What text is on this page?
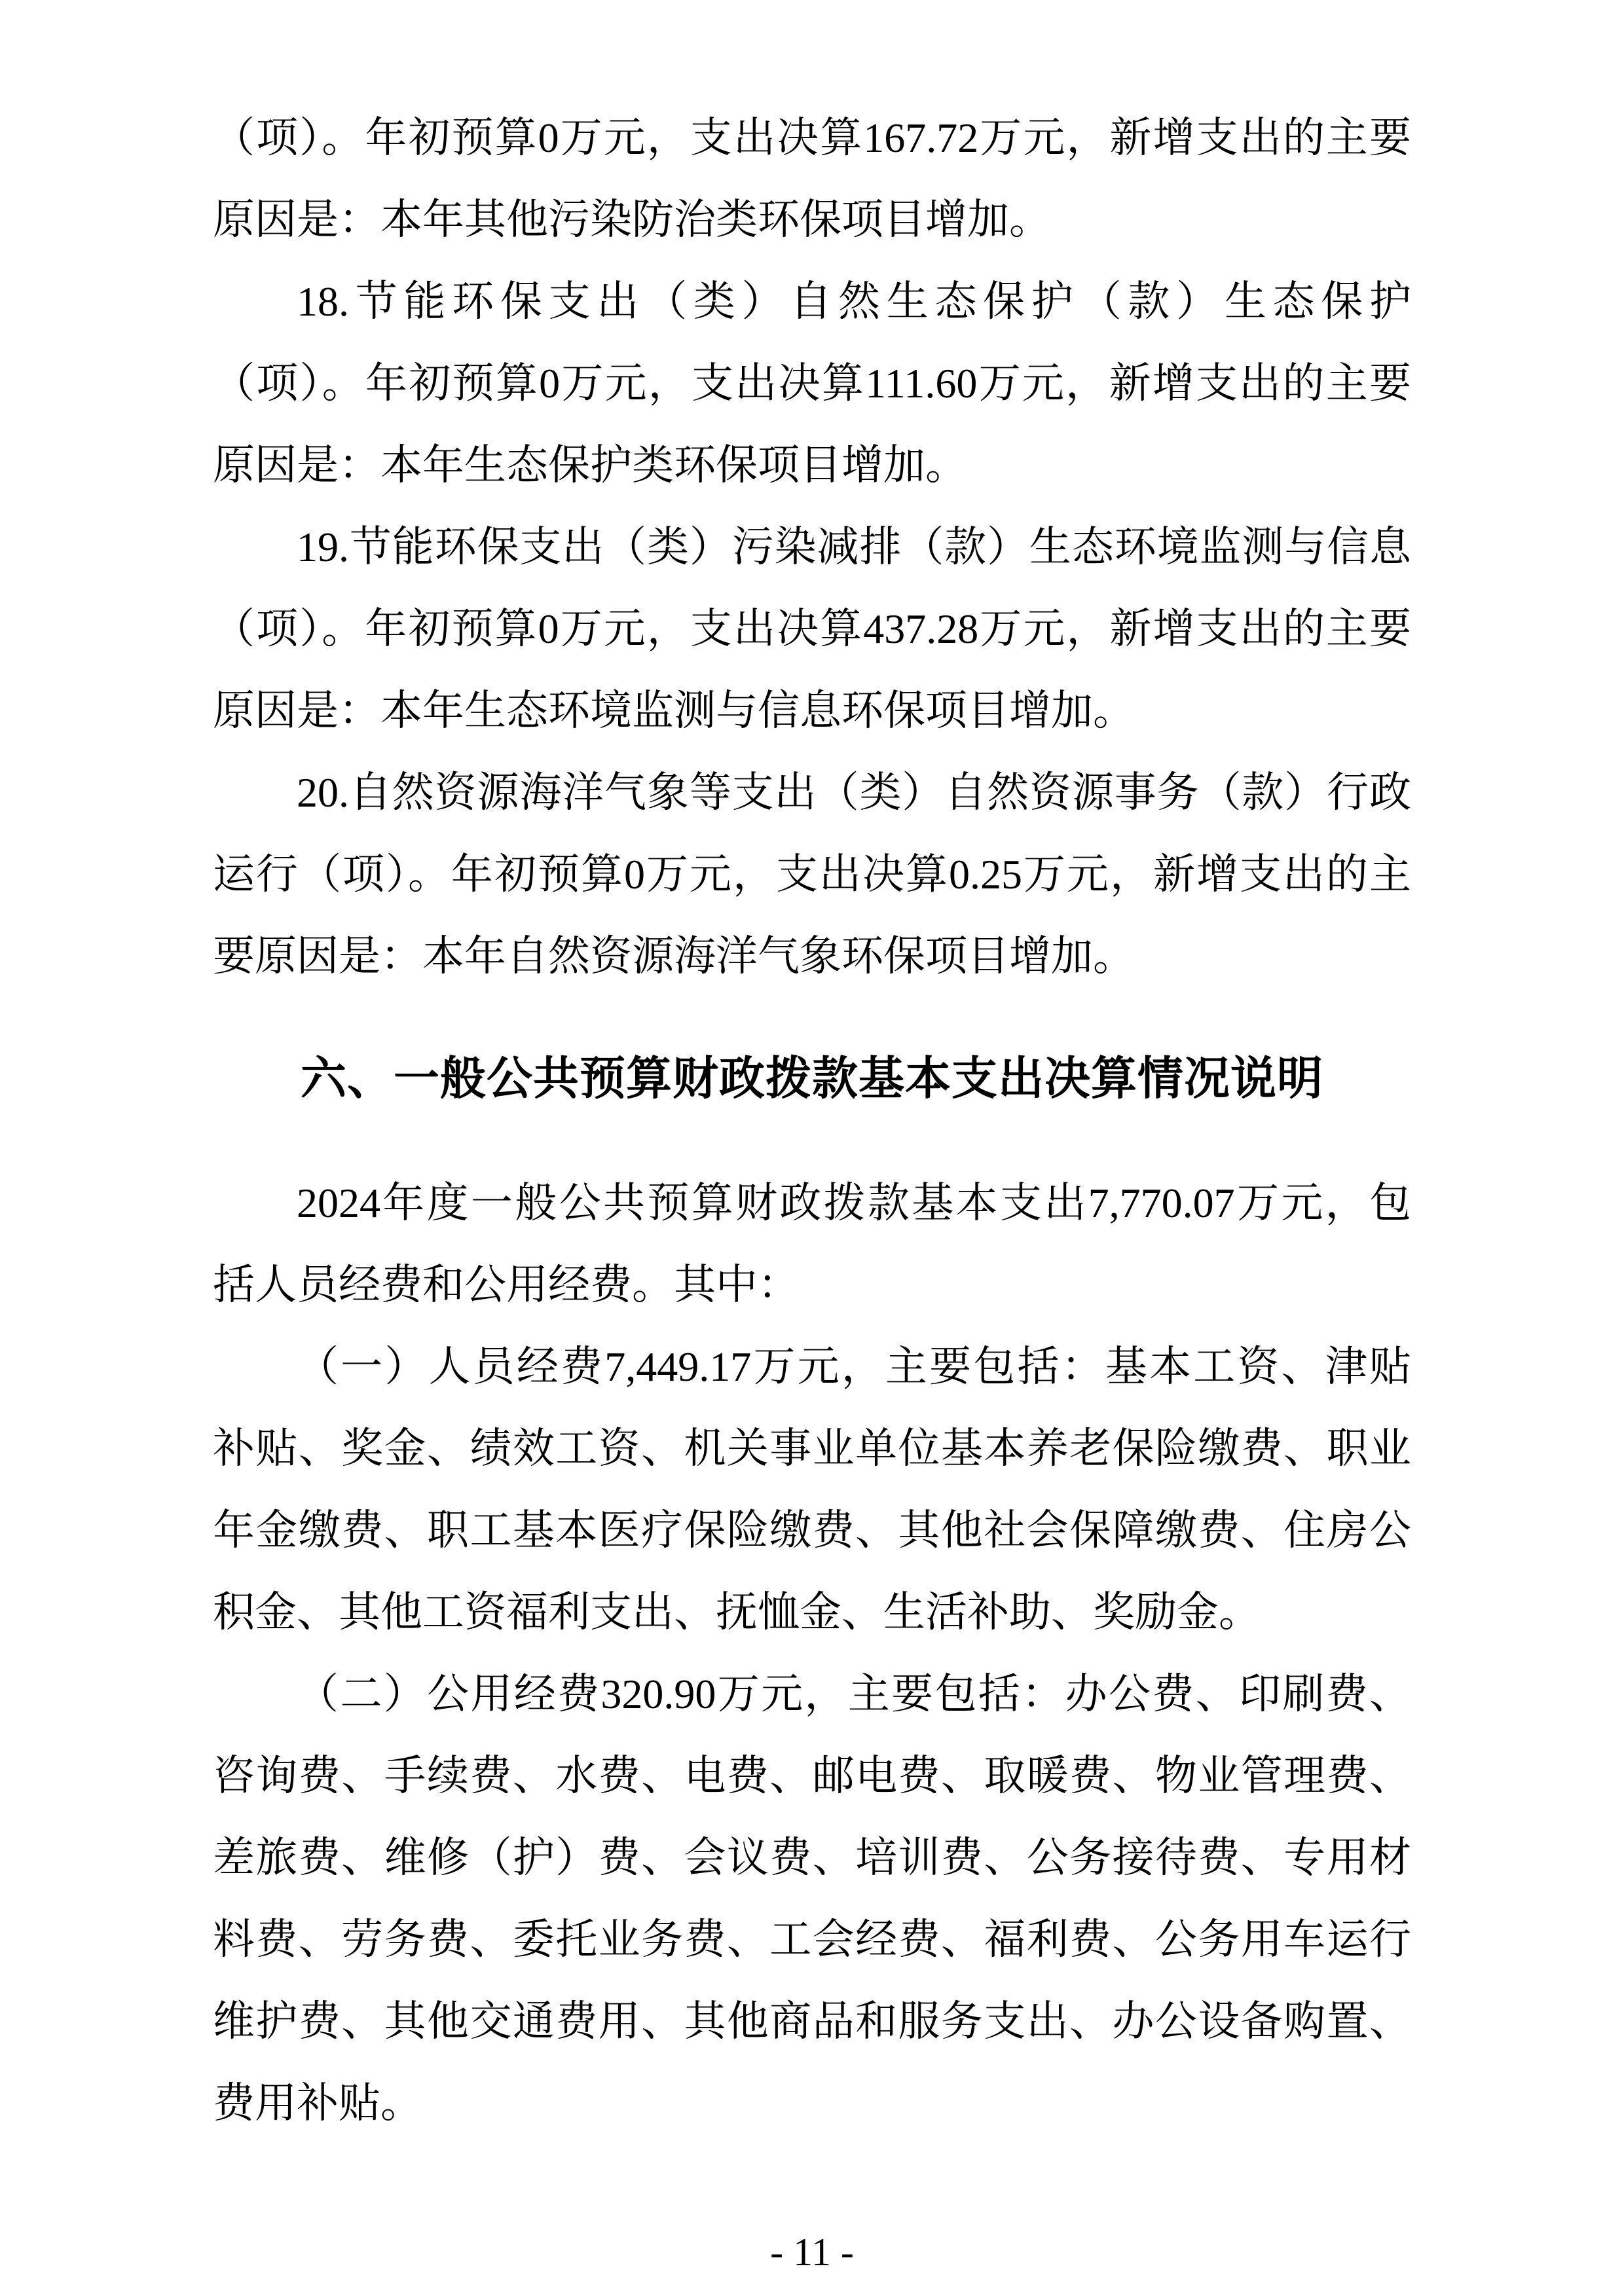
（项）。年初预算0万元，支出决算167.72万元，新增支出的主要
原因是：本年其他污染防治类环保项目增加。
18.节能环保支出（类）自然生态保护（款）生态保护
（项）。年初预算0万元，支出决算111.60万元，新增支出的主要
原因是：本年生态保护类环保项目增加。
19.节能环保支出（类）污染减排（款）生态环境监测与信息
（项）。年初预算0万元，支出决算437.28万元，新增支出的主要
原因是：本年生态环境监测与信息环保项目增加。
20.自然资源海洋气象等支出（类）自然资源事务（款）行政
运行（项）。年初预算0万元，支出决算0.25万元，新增支出的主
要原因是：本年自然资源海洋气象环保项目增加。
六、一般公共预算财政拨款基本支出决算情况说明
2024年度一般公共预算财政拨款基本支出7,770.07万元，包
括人员经费和公用经费。其中：
（一）人员经费7,449.17万元，主要包括：基本工资、津贴
补贴、奖金、绩效工资、机关事业单位基本养老保险缴费、职业
年金缴费、职工基本医疗保险缴费、其他社会保障缴费、住房公
积金、其他工资福利支出、抚恤金、生活补助、奖励金。
（二）公用经费320.90万元，主要包括：办公费、印刷费、
咨询费、手续费、水费、电费、邮电费、取暖费、物业管理费、
差旅费、维修（护）费、会议费、培训费、公务接待费、专用材
料费、劳务费、委托业务费、工会经费、福利费、公务用车运行
维护费、其他交通费用、其他商品和服务支出、办公设备购置、
费用补贴。
- 11 -
